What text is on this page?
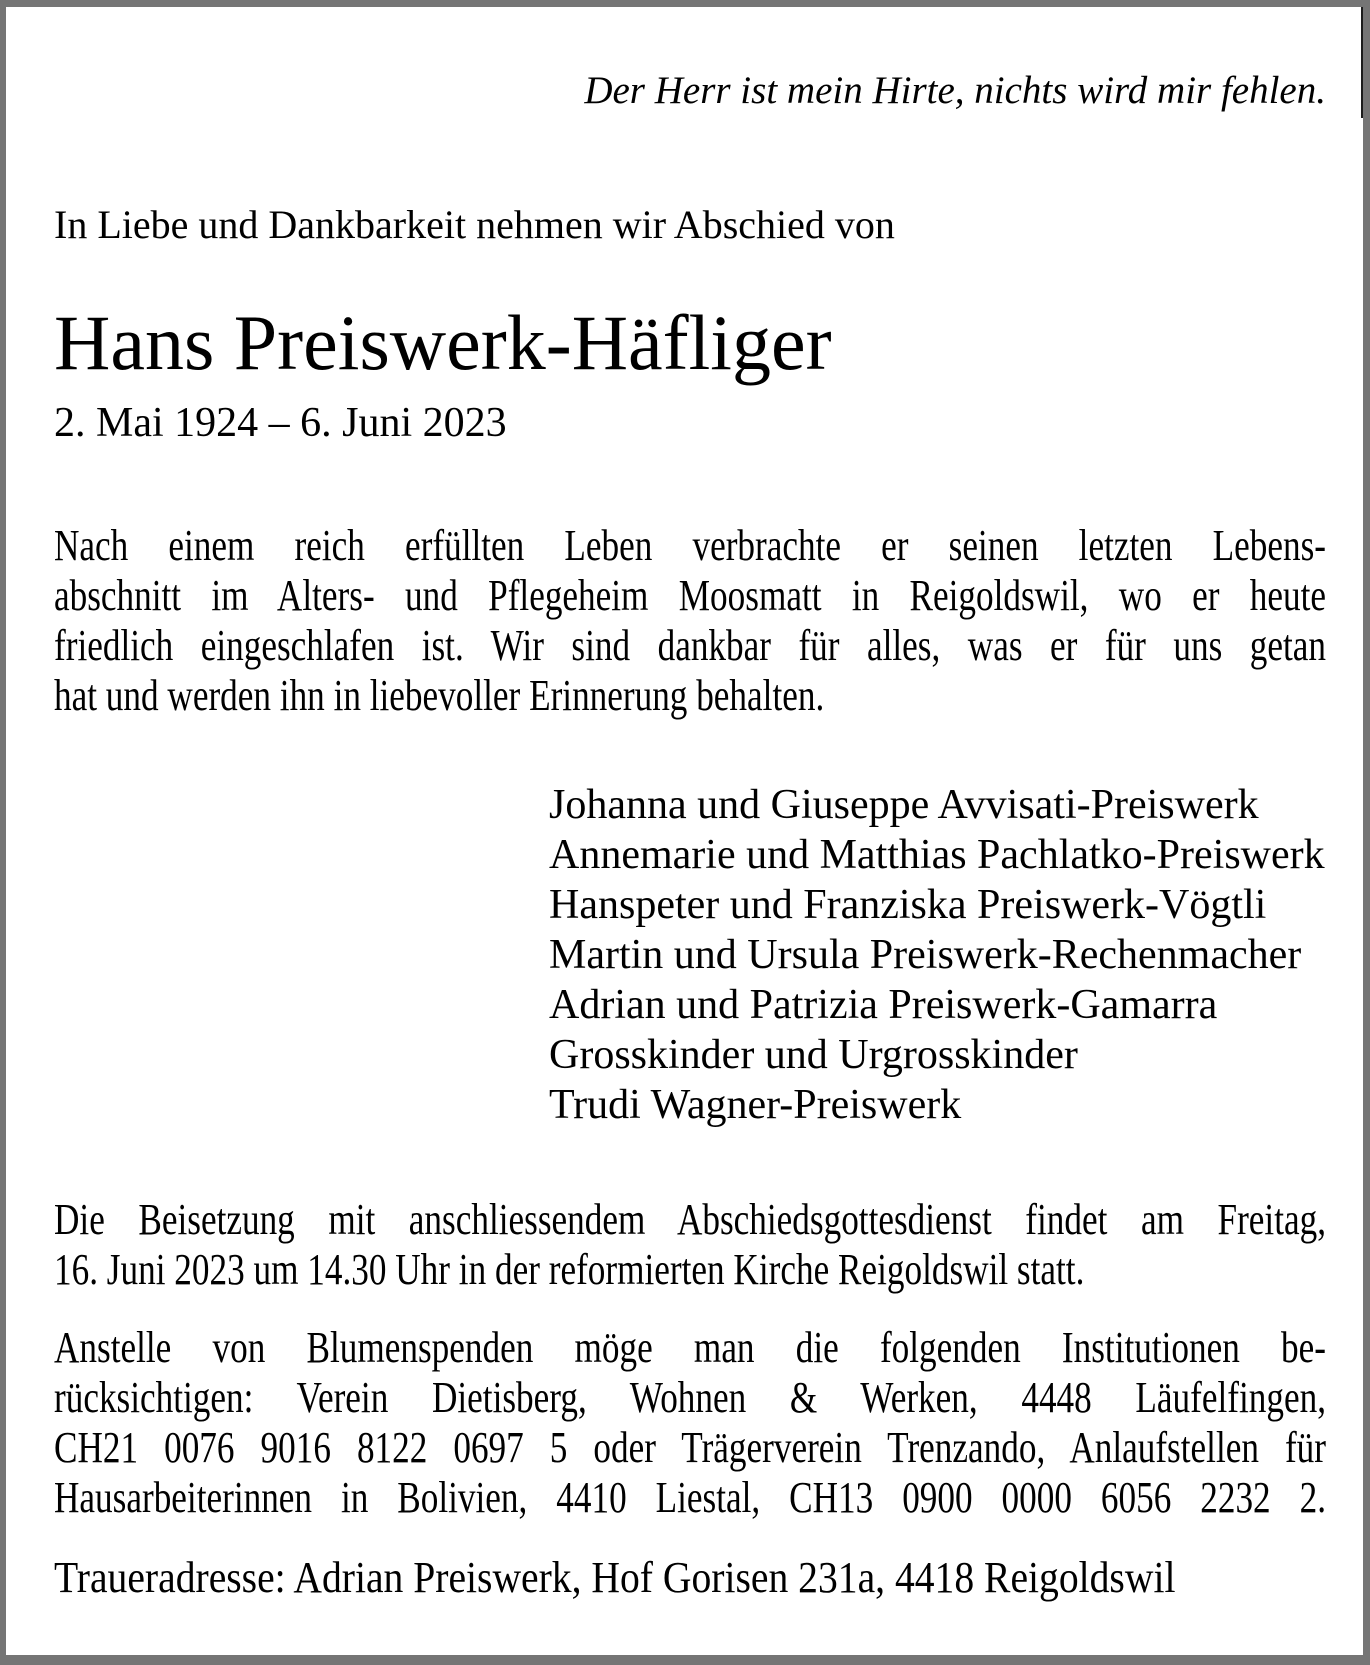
Der Herr ist mein Hirte, nichts wird mir fehlen.
In Liebe und Dankbarkeit nehmen wir Abschied von
Hans Preiswerk-Häfliger
2. Mai 1924 – 6. Juni 2023
Nach einem reich erfüllten Leben verbrachte er seinen letzten Lebens-
abschnitt im Alters- und Pflegeheim Moosmatt in Reigoldswil, wo er heute
friedlich eingeschlafen ist. Wir sind dankbar für alles, was er für uns getan
hat und werden ihn in liebevoller Erinnerung behalten.
Johanna und Giuseppe Avvisati-Preiswerk
Annemarie und Matthias Pachlatko-Preiswerk
Hanspeter und Franziska Preiswerk-Vögtli
Martin und Ursula Preiswerk-Rechenmacher
Adrian und Patrizia Preiswerk-Gamarra
Grosskinder und Urgrosskinder
Trudi Wagner-Preiswerk
Die Beisetzung mit anschliessendem Abschiedsgottesdienst findet am Freitag,
16. Juni 2023 um 14.30 Uhr in der reformierten Kirche Reigoldswil statt.
Anstelle von Blumenspenden möge man die folgenden Institutionen be-
rücksichtigen: Verein Dietisberg, Wohnen & Werken, 4448 Läufelfingen,
CH21 0076 9016 8122 0697 5 oder Trägerverein Trenzando, Anlaufstellen für
Hausarbeiterinnen in Bolivien, 4410 Liestal, CH13 0900 0000 6056 2232 2.
Traueradresse: Adrian Preiswerk, Hof Gorisen 231a, 4418 Reigoldswil
